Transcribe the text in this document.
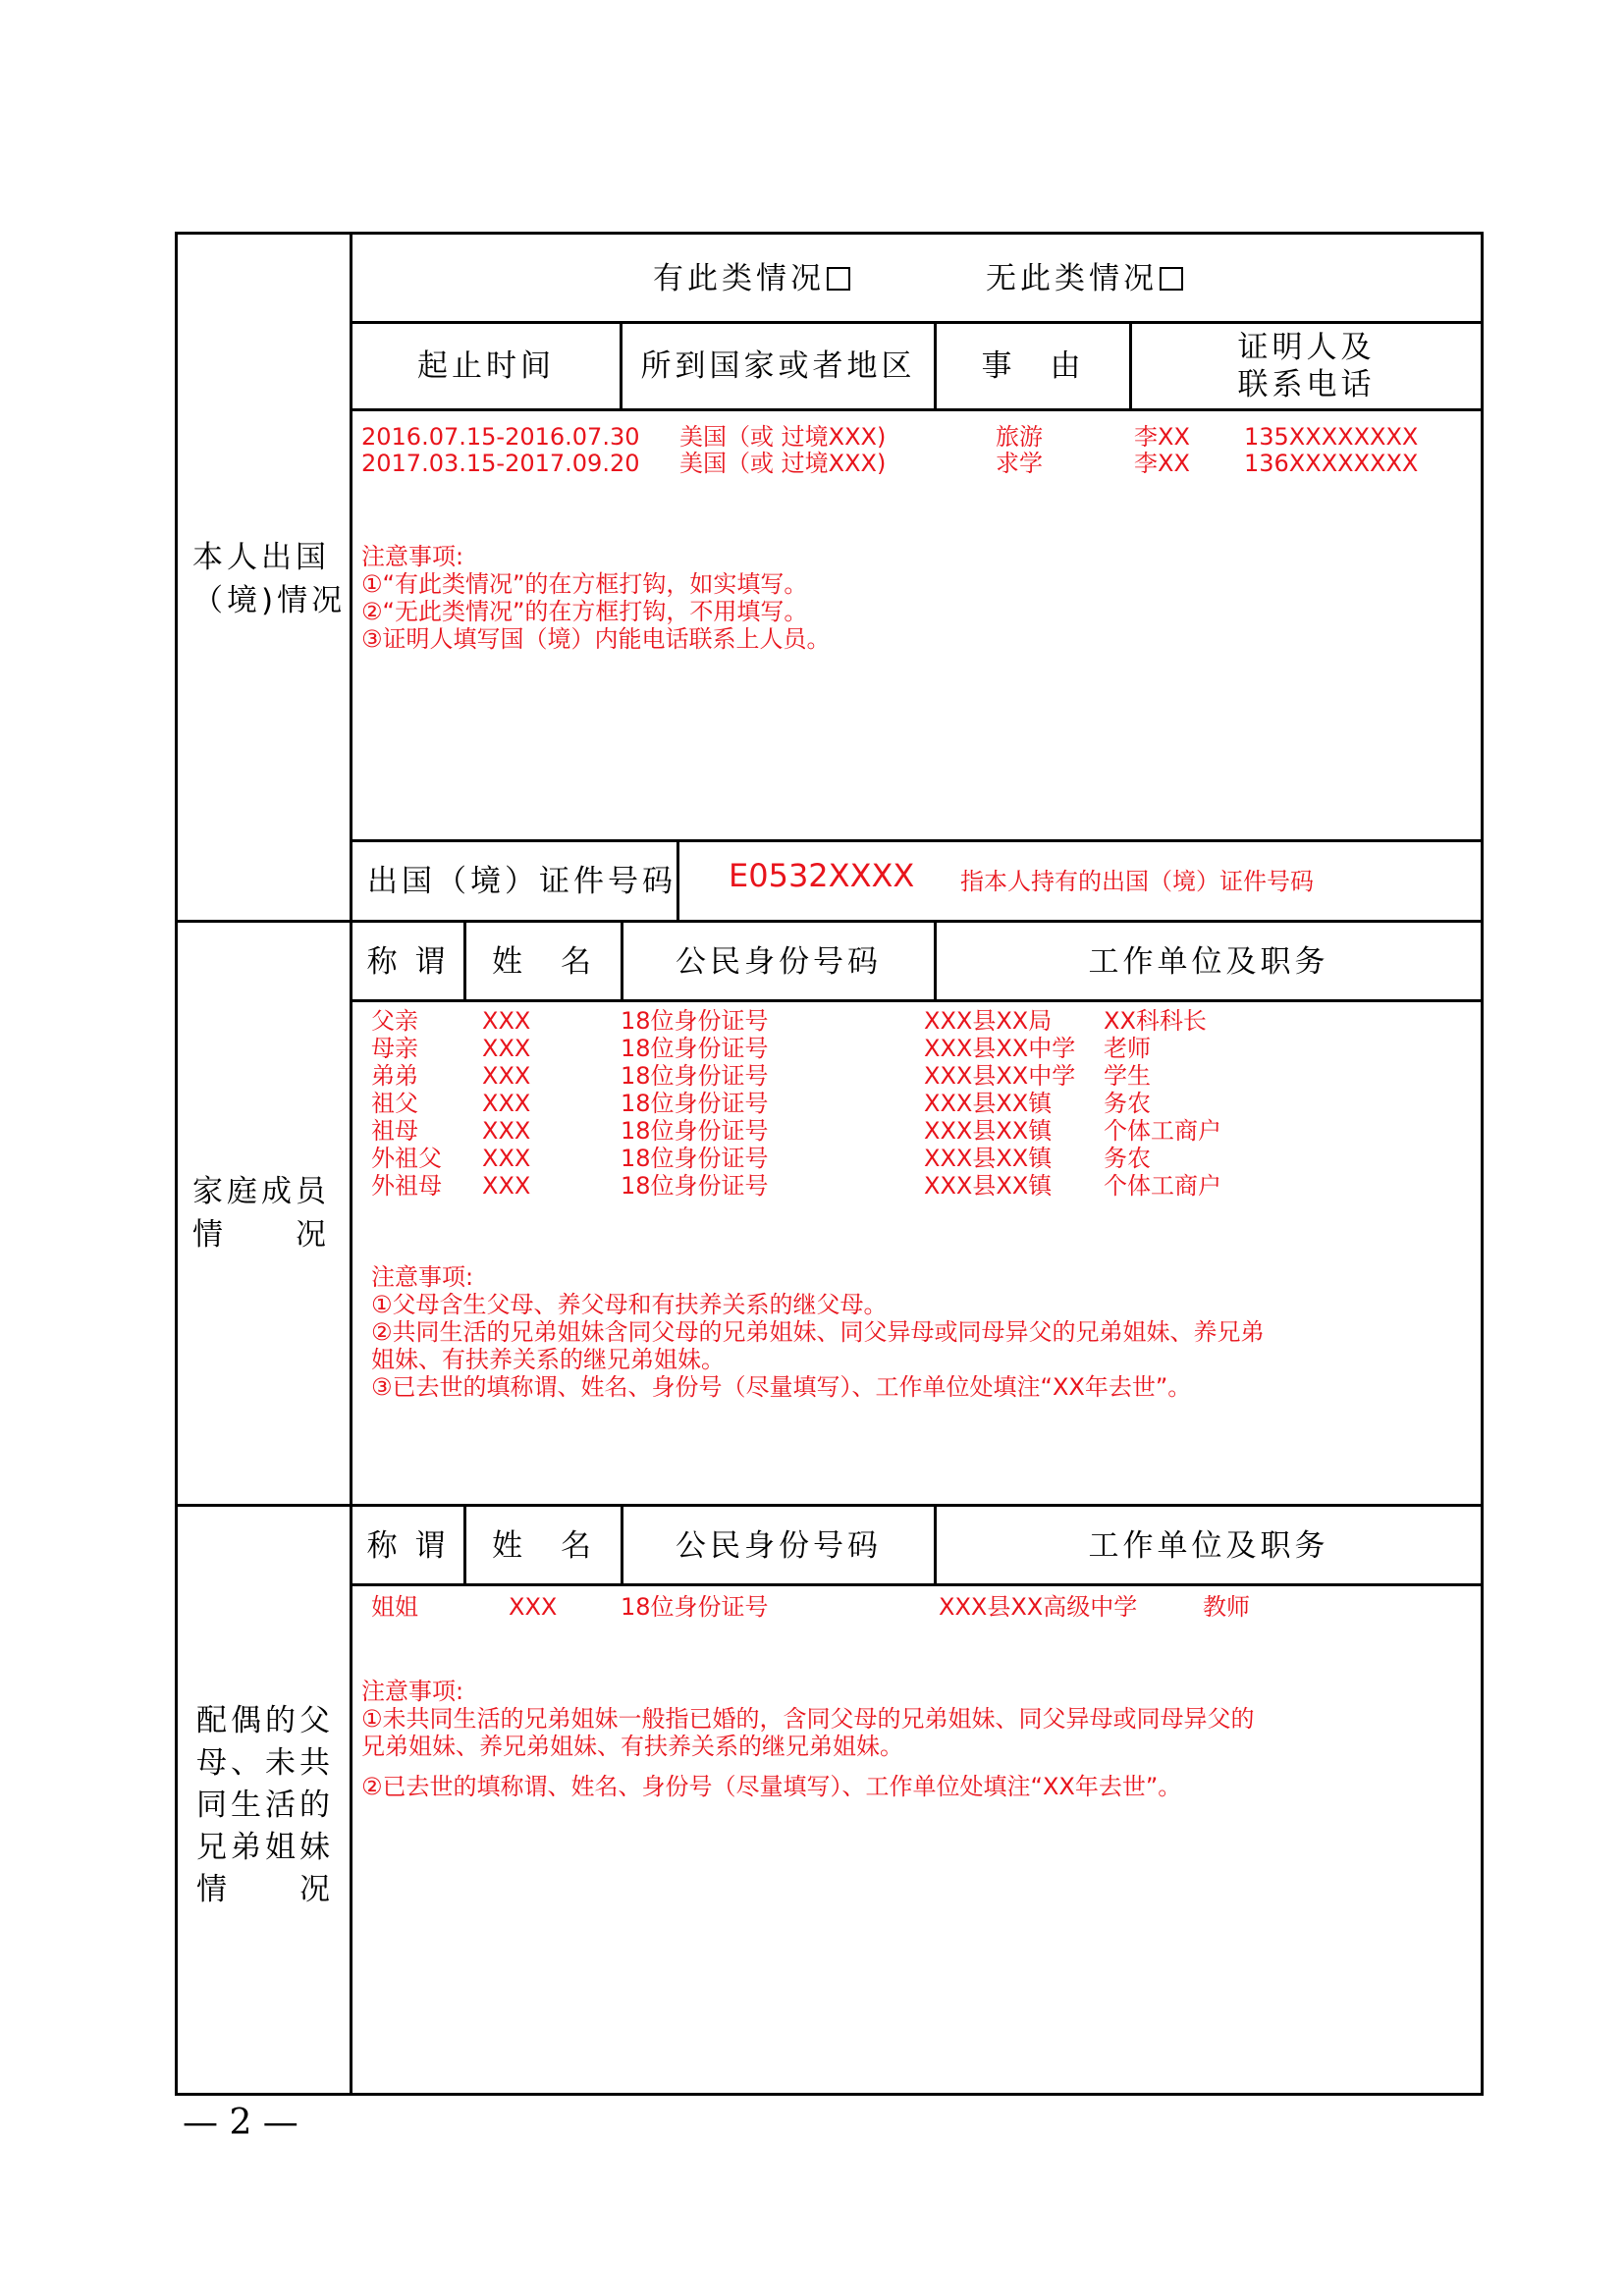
本人出国
（境)情况
有此类情况	无此类情况
起止时间	所到国家或者地区	事　由
证明人及
联系电话
2016.07.15-2016.07.30 美国（或 过境XXX)	旅游	李XX 135XXXXXXXX
2017.03.15-2017.09.20 美国（或 过境XXX)	求学	李XX 136XXXXXXXX
注意事项:
①“有此类情况”的在方框打钩，如实填写。
②“无此类情况”的在方框打钩，不用填写。
③证明人填写国（境）内能电话联系上人员。
出国（境）证件号码 E0532XXXX 指本人持有的出国（境）证件号码
家庭成员
情　　况
称 谓	姓　名	公民身份号码	工作单位及职务
父亲	XXX	18位身份证号	XXX县XX局 XX科科长
母亲	XXX	18位身份证号	XXX县XX中学 老师
弟弟	XXX	18位身份证号	XXX县XX中学 学生
祖父	XXX	18位身份证号	XXX县XX镇 务农
祖母	XXX	18位身份证号	XXX县XX镇 个体工商户
外祖父 XXX	18位身份证号	XXX县XX镇 务农
外祖母 XXX	18位身份证号	XXX县XX镇 个体工商户
注意事项:
①父母含生父母、养父母和有扶养关系的继父母。
②共同生活的兄弟姐妹含同父母的兄弟姐妹、同父异母或同母异父的兄弟姐妹、养兄弟
姐妹、有扶养关系的继兄弟姐妹。
③已去世的填称谓、姓名、身份号（尽量填写）、工作单位处填注“XX年去世”。
配偶的父
母、未共
同生活的
兄弟姐妹
情　　况
称 谓	姓　名	公民身份号码	工作单位及职务
姐姐	XXX	18位身份证号	XXX县XX高级中学	教师
注意事项:
①未共同生活的兄弟姐妹一般指已婚的，含同父母的兄弟姐妹、同父异母或同母异父的
兄弟姐妹、养兄弟姐妹、有扶养关系的继兄弟姐妹。
②已去世的填称谓、姓名、身份号（尽量填写）、工作单位处填注“XX年去世”。
— 2 —
